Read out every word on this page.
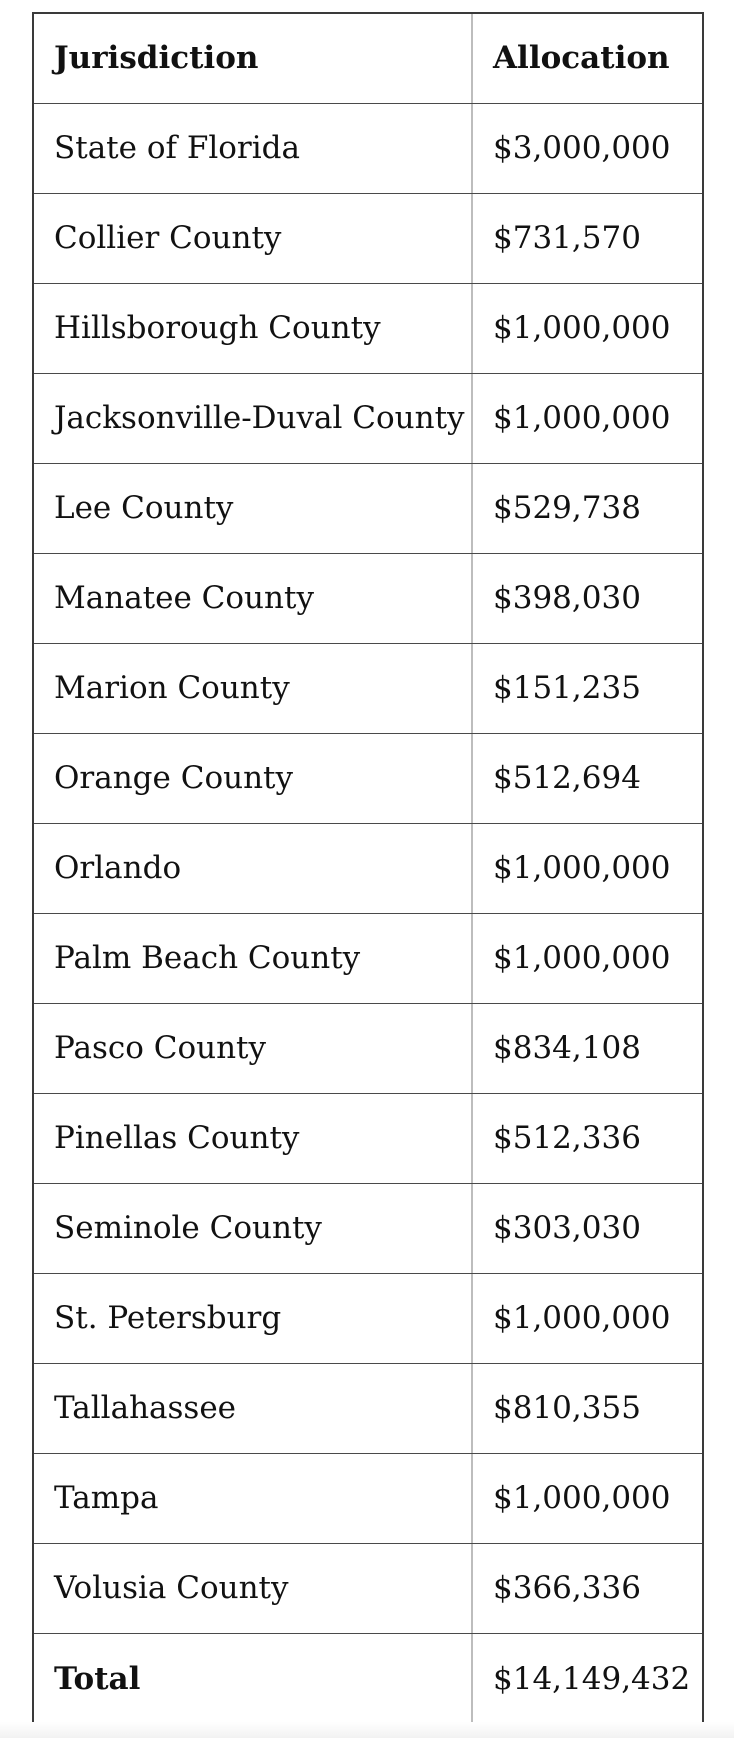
Jurisdiction	Allocation
State of Florida	$3,000,000
Collier County	$731,570
Hillsborough County	$1,000,000
Jacksonville-Duval County $1,000,000
Lee County	$529,738
Manatee County	$398,030
Marion County	$151,235
Orange County	$512,694
Orlando	$1,000,000
Palm Beach County	$1,000,000
Pasco County	$834,108
Pinellas County	$512,336
Seminole County	$303,030
St. Petersburg	$1,000,000
Tallahassee	$810,355
Tampa	$1,000,000
Volusia County	$366,336
Total	$14,149,432
